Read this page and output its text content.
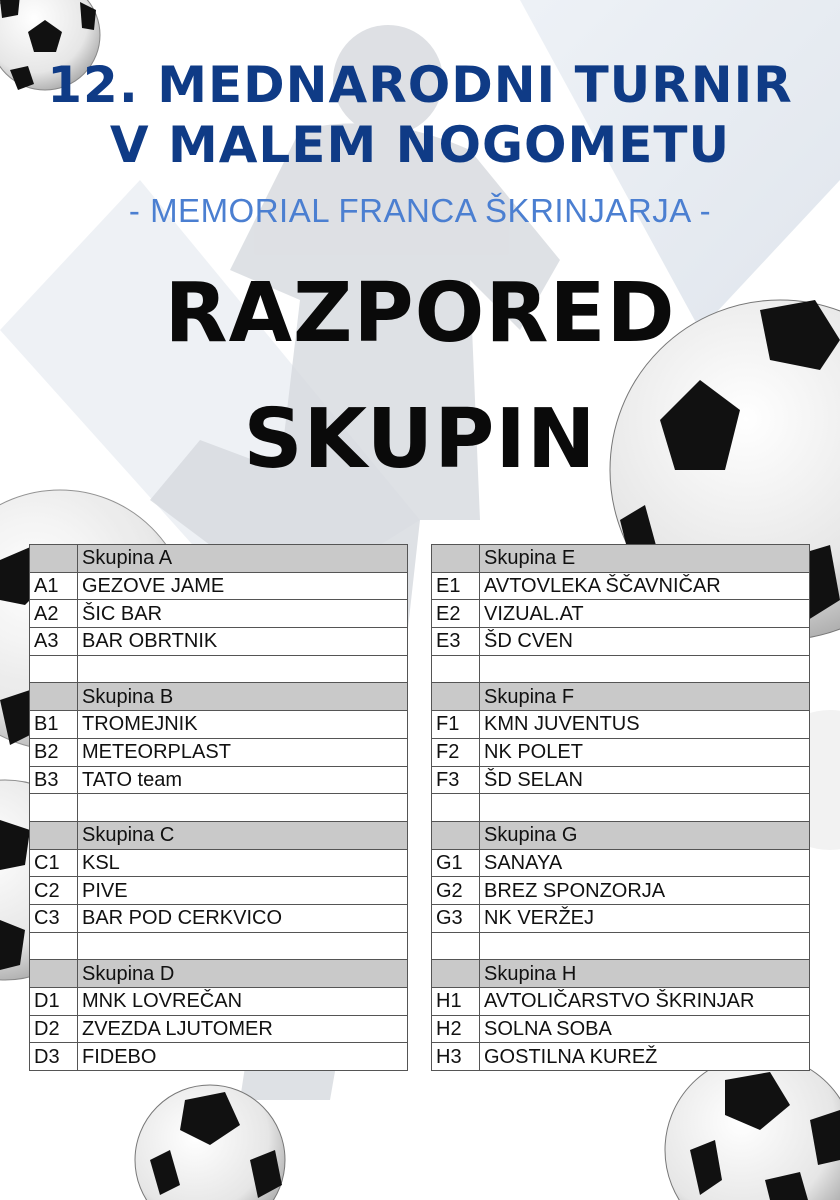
12. MEDNARODNI TURNIR
V MALEM NOGOMETU
- MEMORIAL FRANCA ŠKRINJARJA -
RAZPORED
SKUPIN
	Skupina A
A1	GEZOVE JAME
A2	ŠIC BAR
A3	BAR OBRTNIK

	Skupina B
B1	TROMEJNIK
B2	METEORPLAST
B3	TATO team

	Skupina C
C1	KSL
C2	PIVE
C3	BAR POD CERKVICO

	Skupina D
D1	MNK LOVREČAN
D2	ZVEZDA LJUTOMER
D3	FIDEBO
	Skupina E
E1	AVTOVLEKA ŠČAVNIČAR
E2	VIZUAL.AT
E3	ŠD CVEN

	Skupina F
F1	KMN JUVENTUS
F2	NK POLET
F3	ŠD SELAN

	Skupina G
G1	SANAYA
G2	BREZ SPONZORJA
G3	NK VERŽEJ

	Skupina H
H1	AVTOLIČARSTVO ŠKRINJAR
H2	SOLNA SOBA
H3	GOSTILNA KUREŽ
